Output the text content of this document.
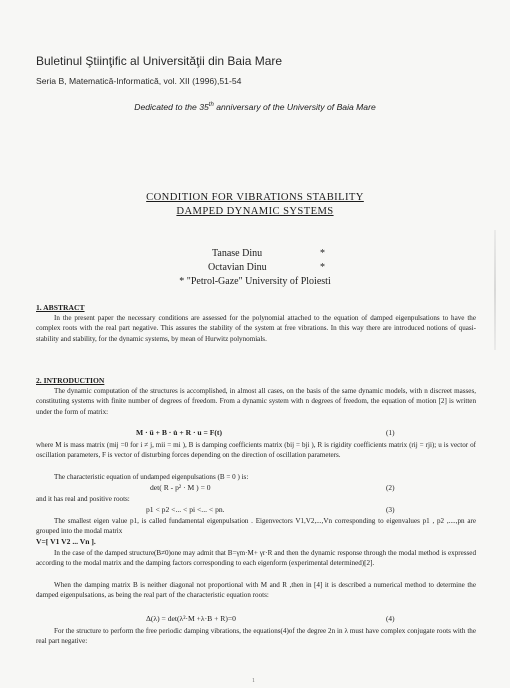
Buletinul Ştiinţific al Universităţii din Baia Mare
Seria B, Matematică-Informatică, vol. XII (1996),51-54
Dedicated to the 35th anniversary of the University of Baia Mare
CONDITION FOR VIBRATIONS STABILITY
DAMPED DYNAMIC SYSTEMS
Tanase Dinu	*
Octavian Dinu	*
* "Petrol-Gaze" University of Ploiesti
1. ABSTRACT
In the present paper the necessary conditions are assessed for the polynomial attached to the equation of damped eigenpulsations to have the complex roots with the real part negative. This assures the stability of the system at free vibrations. In this way there are introduced notions of quasi-stability and stability, for the dynamic systems, by mean of Hurwitz polynomials.
2. INTRODUCTION
The dynamic computation of the structures is accomplished, in almost all cases, on the basis of the same dynamic models, with n discreet masses, constituting systems with finite number of degrees of freedom. From a dynamic system with n degrees of freedom, the equation of motion [2] is written under the form of matrix:
M · ü + B · u̇ + R · u = F(t)	(1)
where M is mass matrix (mij =0 for i ≠ j, mii = mi ), B is damping coefficients matrix (bij = bji ), R is rigidity coefficients matrix (rij = rji); u is vector of oscillation parameters, F is vector of disturbing forces depending on the direction of oscillation parameters.
The characteristic equation of undamped eigenpulsations (B = 0 ) is:
det( R - p² · M ) = 0	(2)
and it has real and positive roots:
p1 < p2 <... < pi <... < pn.	(3)
The smallest eigen value p1, is called fundamental eigenpulsation . Eigenvectors V1,V2,...,Vn corresponding to eigenvalues p1 , p2 ,....,pn are grouped into the modal matrix
V=[ V1 V2 ... Vn ].
In the case of the damped structure(B≠0)one may admit that B=γm·M+ γr·R and then the dynamic response through the modal method is expressed according to the modal matrix and the damping factors corresponding to each eigenform (experimental determined)[2].
When the damping matrix B is neither diagonal not proportional with M and R ,then in [4] it is described a numerical method to determine the damped eigenpulsations, as being the real part of the characteristic equation roots:
Δ(λ) = det(λ²·M +λ·B + R)=0	(4)
For the structure to perform the free periodic damping vibrations, the equations(4)of the degree 2n in λ must have complex conjugate roots with the real part negative:
1
